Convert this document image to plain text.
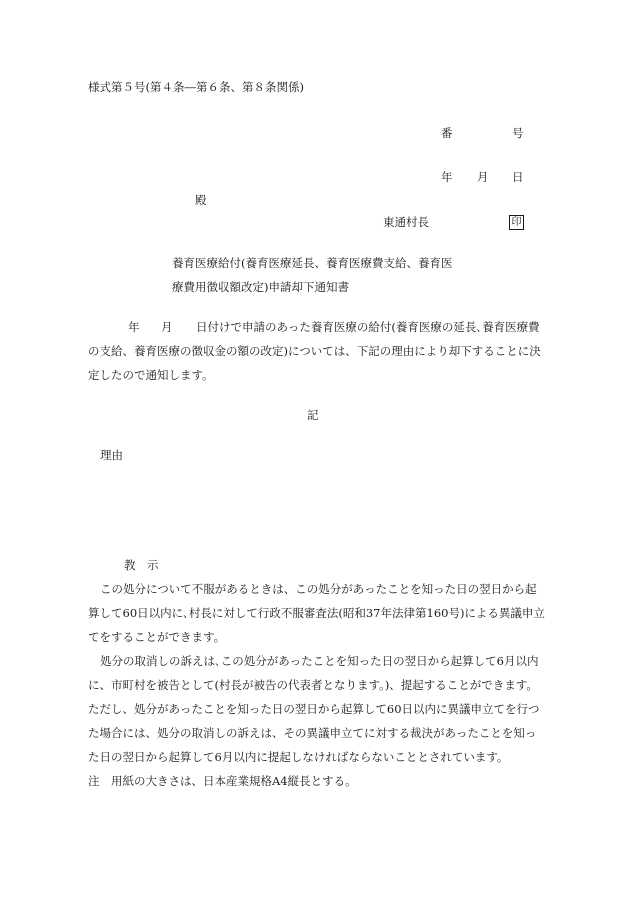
様式第５号(第４条―第６条、第８条関係)
番	号
年 月 日
殿
東通村長	印
養育医療給付(養育医療延長、養育医療費支給、養育医
療費用徴収額改定)申請却下通知書
年 月 日付けで申請のあった養育医療の給付(養育医療の延長､養育医療費
の支給、養育医療の徴収金の額の改定)については、下記の理由により却下することに決
定したので通知します。
記
理由
教　示
この処分について不服があるときは、この処分があったことを知った日の翌日から起
算して60日以内に､村長に対して行政不服審査法(昭和37年法律第160号)による異議申立
てをすることができます。
処分の取消しの訴えは､この処分があったことを知った日の翌日から起算して6月以内
に、市町村を被告として(村長が被告の代表者となります。)、提起することができます。
ただし、処分があったことを知った日の翌日から起算して60日以内に異議申立てを行つ
た場合には、処分の取消しの訴えは、その異議申立てに対する裁決があったことを知っ
た日の翌日から起算して6月以内に提起しなければならないこととされています。
注　用紙の大きさは、日本産業規格A4縦長とする。
